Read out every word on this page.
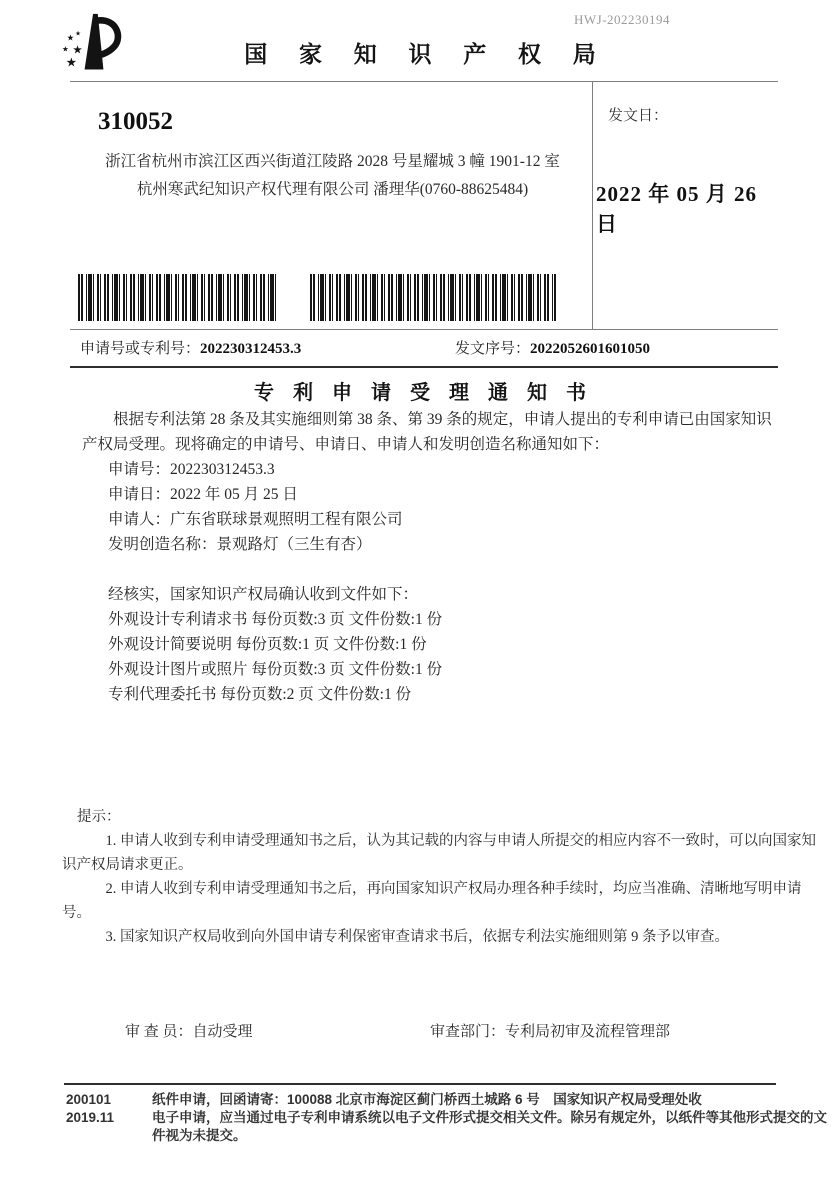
HWJ-202230194
★ ★
★ ★
★	国 家 知 识 产 权 局
310052
浙江省杭州市滨江区西兴街道江陵路 2028 号星耀城 3 幢 1901-12 室
杭州寒武纪知识产权代理有限公司 潘理华(0760-88625484)
发文日：
2022 年 05 月 26 日
申请号或专利号：202230312453.3	发文序号：2022052601601050
专 利 申 请 受 理 通 知 书

根据专利法第 28 条及其实施细则第 38 条、第 39 条的规定，申请人提出的专利申请已由国家知识产权局受理。现将确定的申请号、申请日、申请人和发明创造名称通知如下：

申请号：202230312453.3
申请日：2022 年 05 月 25 日
申请人：广东省联球景观照明工程有限公司
发明创造名称：景观路灯（三生有杏）
经核实，国家知识产权局确认收到文件如下：
外观设计专利请求书 每份页数:3 页 文件份数:1 份
外观设计简要说明 每份页数:1 页 文件份数:1 份
外观设计图片或照片 每份页数:3 页 文件份数:1 份
专利代理委托书 每份页数:2 页 文件份数:1 份
提示：

1. 申请人收到专利申请受理通知书之后，认为其记载的内容与申请人所提交的相应内容不一致时，可以向国家知识产权局请求更正。

2. 申请人收到专利申请受理通知书之后，再向国家知识产权局办理各种手续时，均应当准确、清晰地写明申请号。

3. 国家知识产权局收到向外国申请专利保密审查请求书后，依据专利法实施细则第 9 条予以审查。

审 查 员：自动受理	审查部门：专利局初审及流程管理部
200101	纸件申请，回函请寄：100088 北京市海淀区蓟门桥西土城路 6 号　国家知识产权局受理处收
2019.11	电子申请，应当通过电子专利申请系统以电子文件形式提交相关文件。除另有规定外，以纸件等其他形式提交的文件视为未提交。
